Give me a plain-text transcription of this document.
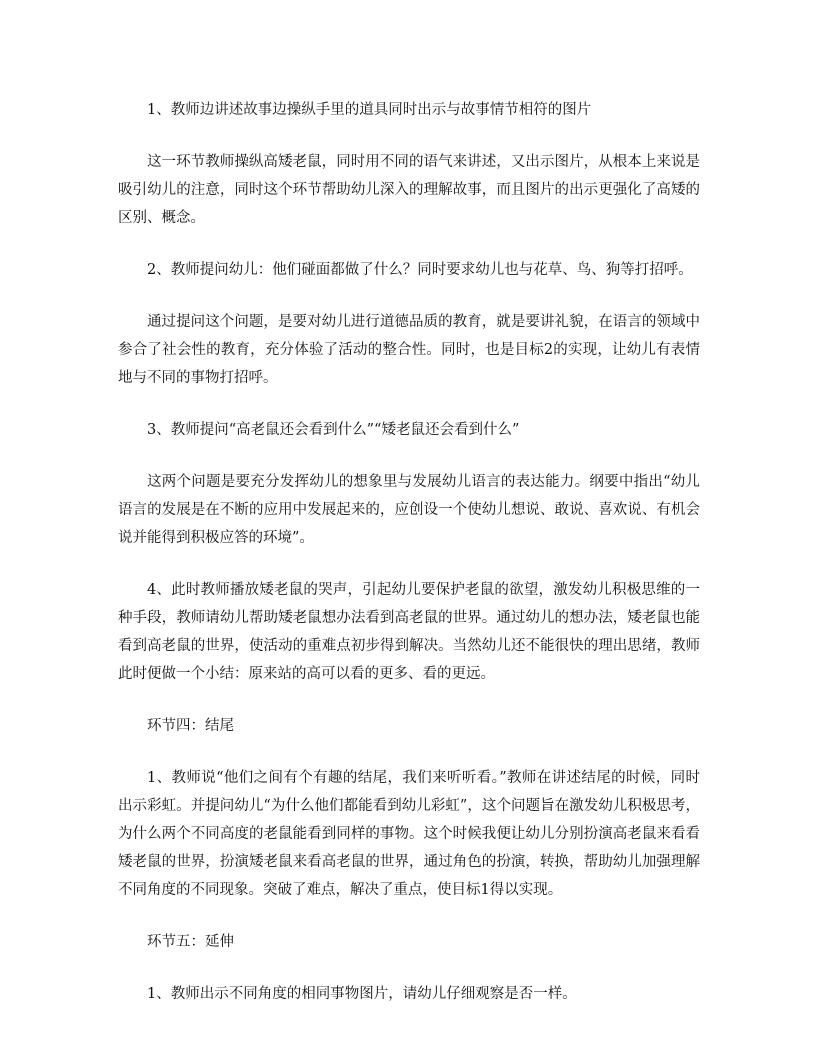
1、教师边讲述故事边操纵手里的道具同时出示与故事情节相符的图片

这一环节教师操纵高矮老鼠，同时用不同的语气来讲述，又出示图片，从根本上来说是吸引幼儿的注意，同时这个环节帮助幼儿深入的理解故事，而且图片的出示更强化了高矮的区别、概念。

2、教师提问幼儿：他们碰面都做了什么？同时要求幼儿也与花草、鸟、狗等打招呼。

通过提问这个问题，是要对幼儿进行道德品质的教育，就是要讲礼貌，在语言的领域中参合了社会性的教育，充分体验了活动的整合性。同时，也是目标2的实现，让幼儿有表情地与不同的事物打招呼。

3、教师提问“高老鼠还会看到什么”“矮老鼠还会看到什么”

这两个问题是要充分发挥幼儿的想象里与发展幼儿语言的表达能力。纲要中指出“幼儿语言的发展是在不断的应用中发展起来的，应创设一个使幼儿想说、敢说、喜欢说、有机会说并能得到积极应答的环境”。

4、此时教师播放矮老鼠的哭声，引起幼儿要保护老鼠的欲望，激发幼儿积极思维的一种手段，教师请幼儿帮助矮老鼠想办法看到高老鼠的世界。通过幼儿的想办法，矮老鼠也能看到高老鼠的世界，使活动的重难点初步得到解决。当然幼儿还不能很快的理出思绪，教师此时便做一个小结：原来站的高可以看的更多、看的更远。

环节四：结尾

1、教师说“他们之间有个有趣的结尾，我们来听听看。”教师在讲述结尾的时候，同时出示彩虹。并提问幼儿“为什么他们都能看到幼儿彩虹”，这个问题旨在激发幼儿积极思考，为什么两个不同高度的老鼠能看到同样的事物。这个时候我便让幼儿分别扮演高老鼠来看看矮老鼠的世界，扮演矮老鼠来看高老鼠的世界，通过角色的扮演，转换，帮助幼儿加强理解不同角度的不同现象。突破了难点，解决了重点，使目标1得以实现。

环节五：延伸

1、教师出示不同角度的相同事物图片，请幼儿仔细观察是否一样。
